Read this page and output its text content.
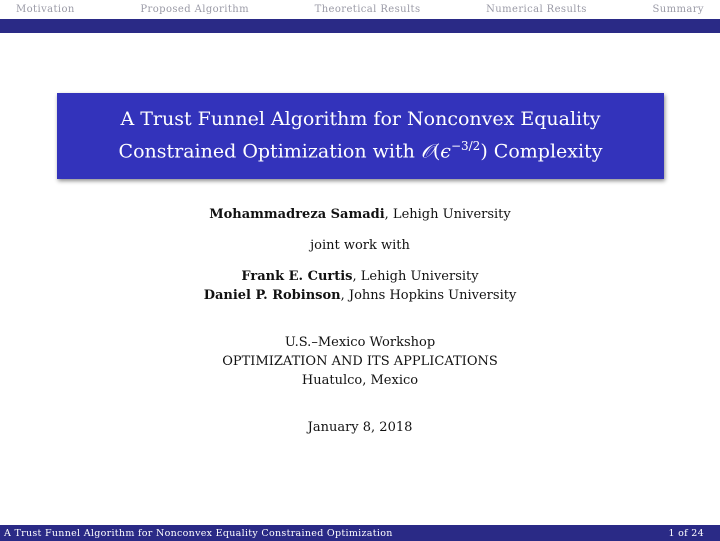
Motivation	Proposed Algorithm	Theoretical Results	Numerical Results	Summary
A Trust Funnel Algorithm for Nonconvex Equality
Constrained Optimization with $𝒪(\epsilon^{-3/2})$ Complexity
Mohammadreza Samadi, Lehigh University
joint work with
Frank E. Curtis, Lehigh University
Daniel P. Robinson, Johns Hopkins University
U.S.–Mexico Workshop
OPTIMIZATION AND ITS APPLICATIONS
Huatulco, Mexico
January 8, 2018
A Trust Funnel Algorithm for Nonconvex Equality Constrained Optimization	1 of 24
